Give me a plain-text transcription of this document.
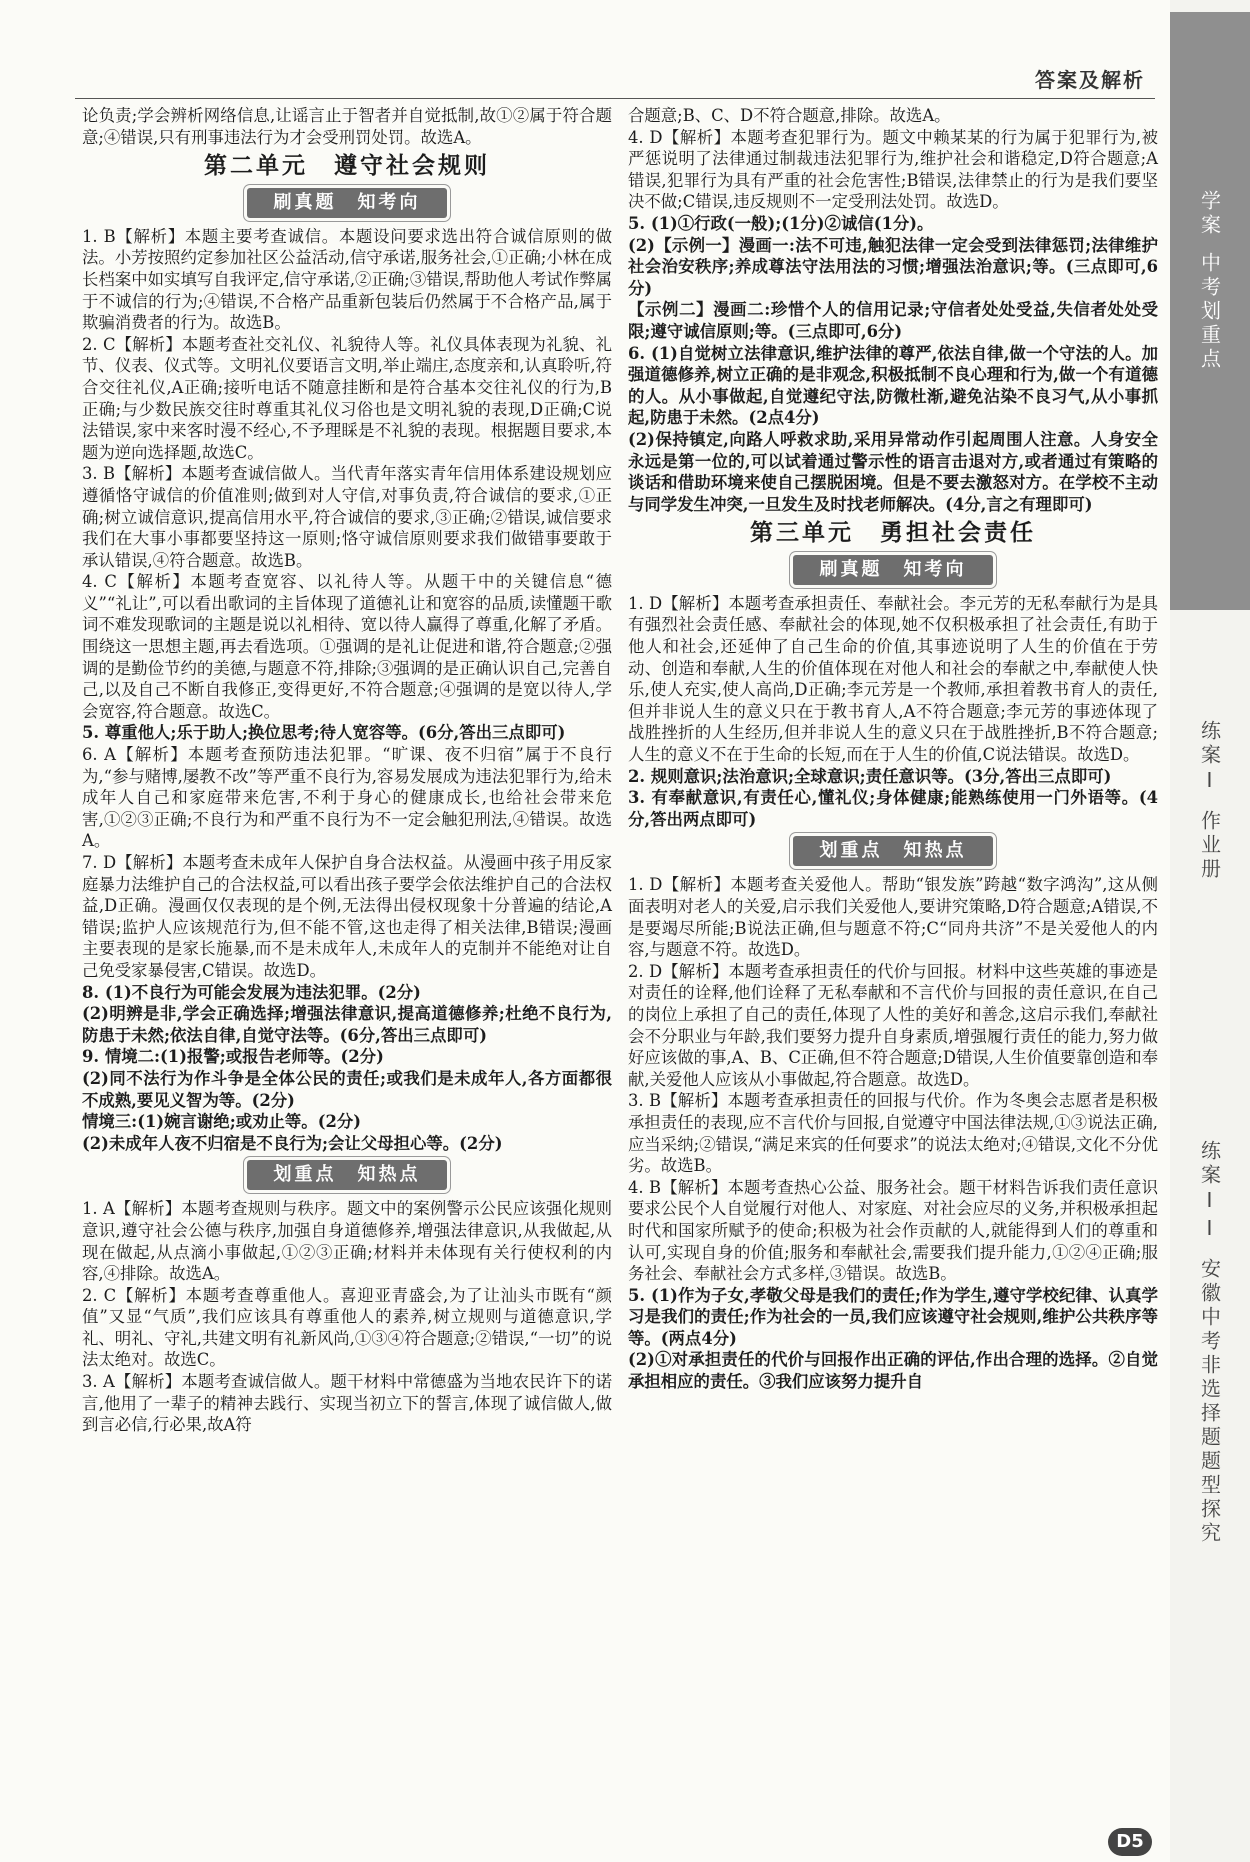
学案
中考划重点
练案I
作业册
练案II
安徽中考非选择题题型探究
答案及解析

论负责;学会辨析网络信息,让谣言止于智者并自觉抵制,故①②属于符合题意;④错误,只有刑事违法行为才会受刑罚处罚。故选A。

第二单元　遵守社会规则
刷真题　知考向

1. B【解析】本题主要考查诚信。本题设问要求选出符合诚信原则的做法。小芳按照约定参加社区公益活动,信守承诺,服务社会,①正确;小林在成长档案中如实填写自我评定,信守承诺,②正确;③错误,帮助他人考试作弊属于不诚信的行为;④错误,不合格产品重新包装后仍然属于不合格产品,属于欺骗消费者的行为。故选B。

2. C【解析】本题考查社交礼仪、礼貌待人等。礼仪具体表现为礼貌、礼节、仪表、仪式等。文明礼仪要语言文明,举止端庄,态度亲和,认真聆听,符合交往礼仪,A正确;接听电话不随意挂断和是符合基本交往礼仪的行为,B正确;与少数民族交往时尊重其礼仪习俗也是文明礼貌的表现,D正确;C说法错误,家中来客时漫不经心,不予理睬是不礼貌的表现。根据题目要求,本题为逆向选择题,故选C。

3. B【解析】本题考查诚信做人。当代青年落实青年信用体系建设规划应遵循恪守诚信的价值准则;做到对人守信,对事负责,符合诚信的要求,①正确;树立诚信意识,提高信用水平,符合诚信的要求,③正确;②错误,诚信要求我们在大事小事都要坚持这一原则;恪守诚信原则要求我们做错事要敢于承认错误,④符合题意。故选B。

4. C【解析】本题考查宽容、以礼待人等。从题干中的关键信息“德义”“礼让”,可以看出歌词的主旨体现了道德礼让和宽容的品质,读懂题干歌词不难发现歌词的主题是说以礼相待、宽以待人赢得了尊重,化解了矛盾。围绕这一思想主题,再去看选项。①强调的是礼让促进和谐,符合题意;②强调的是勤俭节约的美德,与题意不符,排除;③强调的是正确认识自己,完善自己,以及自己不断自我修正,变得更好,不符合题意;④强调的是宽以待人,学会宽容,符合题意。故选C。

5. 尊重他人;乐于助人;换位思考;待人宽容等。(6分,答出三点即可)

6. A【解析】本题考查预防违法犯罪。“旷课、夜不归宿”属于不良行为,“参与赌博,屡教不改”等严重不良行为,容易发展成为违法犯罪行为,给未成年人自己和家庭带来危害,不利于身心的健康成长,也给社会带来危害,①②③正确;不良行为和严重不良行为不一定会触犯刑法,④错误。故选A。

7. D【解析】本题考查未成年人保护自身合法权益。从漫画中孩子用反家庭暴力法维护自己的合法权益,可以看出孩子要学会依法维护自己的合法权益,D正确。漫画仅仅表现的是个例,无法得出侵权现象十分普遍的结论,A错误;监护人应该规范行为,但不能不管,这也走得了相关法律,B错误;漫画主要表现的是家长施暴,而不是未成年人,未成年人的克制并不能绝对让自己免受家暴侵害,C错误。故选D。

8. (1)不良行为可能会发展为违法犯罪。(2分)

(2)明辨是非,学会正确选择;增强法律意识,提高道德修养;杜绝不良行为,防患于未然;依法自律,自觉守法等。(6分,答出三点即可)

9. 情境二:(1)报警;或报告老师等。(2分)

(2)同不法行为作斗争是全体公民的责任;或我们是未成年人,各方面都很不成熟,要见义智为等。(2分)

情境三:(1)婉言谢绝;或劝止等。(2分)

(2)未成年人夜不归宿是不良行为;会让父母担心等。(2分)

划重点　知热点

1. A【解析】本题考查规则与秩序。题文中的案例警示公民应该强化规则意识,遵守社会公德与秩序,加强自身道德修养,增强法律意识,从我做起,从现在做起,从点滴小事做起,①②③正确;材料并未体现有关行使权利的内容,④排除。故选A。

2. C【解析】本题考查尊重他人。喜迎亚青盛会,为了让汕头市既有“颜值”又显“气质”,我们应该具有尊重他人的素养,树立规则与道德意识,学礼、明礼、守礼,共建文明有礼新风尚,①③④符合题意;②错误,“一切”的说法太绝对。故选C。

3. A【解析】本题考查诚信做人。题干材料中常德盛为当地农民许下的诺言,他用了一辈子的精神去践行、实现当初立下的誓言,体现了诚信做人,做到言必信,行必果,故A符

合题意;B、C、D不符合题意,排除。故选A。

4. D【解析】本题考查犯罪行为。题文中赖某某的行为属于犯罪行为,被严惩说明了法律通过制裁违法犯罪行为,维护社会和谐稳定,D符合题意;A错误,犯罪行为具有严重的社会危害性;B错误,法律禁止的行为是我们要坚决不做;C错误,违反规则不一定受刑法处罚。故选D。

5. (1)①行政(一般);(1分)②诚信(1分)。

(2)【示例一】漫画一:法不可违,触犯法律一定会受到法律惩罚;法律维护社会治安秩序;养成尊法守法用法的习惯;增强法治意识;等。(三点即可,6分)

【示例二】漫画二:珍惜个人的信用记录;守信者处处受益,失信者处处受限;遵守诚信原则;等。(三点即可,6分)

6. (1)自觉树立法律意识,维护法律的尊严,依法自律,做一个守法的人。加强道德修养,树立正确的是非观念,积极抵制不良心理和行为,做一个有道德的人。从小事做起,自觉遵纪守法,防微杜渐,避免沾染不良习气,从小事抓起,防患于未然。(2点4分)

(2)保持镇定,向路人呼救求助,采用异常动作引起周围人注意。人身安全永远是第一位的,可以试着通过警示性的语言击退对方,或者通过有策略的谈话和借助环境来使自己摆脱困境。但是不要去激怒对方。在学校不主动与同学发生冲突,一旦发生及时找老师解决。(4分,言之有理即可)

第三单元　勇担社会责任
刷真题　知考向

1. D【解析】本题考查承担责任、奉献社会。李元芳的无私奉献行为是具有强烈社会责任感、奉献社会的体现,她不仅积极承担了社会责任,有助于他人和社会,还延伸了自己生命的价值,其事迹说明了人生的价值在于劳动、创造和奉献,人生的价值体现在对他人和社会的奉献之中,奉献使人快乐,使人充实,使人高尚,D正确;李元芳是一个教师,承担着教书育人的责任,但并非说人生的意义只在于教书育人,A不符合题意;李元芳的事迹体现了战胜挫折的人生经历,但并非说人生的意义只在于战胜挫折,B不符合题意;人生的意义不在于生命的长短,而在于人生的价值,C说法错误。故选D。

2. 规则意识;法治意识;全球意识;责任意识等。(3分,答出三点即可)

3. 有奉献意识,有责任心,懂礼仪;身体健康;能熟练使用一门外语等。(4分,答出两点即可)

划重点　知热点

1. D【解析】本题考查关爱他人。帮助“银发族”跨越“数字鸿沟”,这从侧面表明对老人的关爱,启示我们关爱他人,要讲究策略,D符合题意;A错误,不是要竭尽所能;B说法正确,但与题意不符;C“同舟共济”不是关爱他人的内容,与题意不符。故选D。

2. D【解析】本题考查承担责任的代价与回报。材料中这些英雄的事迹是对责任的诠释,他们诠释了无私奉献和不言代价与回报的责任意识,在自己的岗位上承担了自己的责任,体现了人性的美好和善念,这启示我们,奉献社会不分职业与年龄,我们要努力提升自身素质,增强履行责任的能力,努力做好应该做的事,A、B、C正确,但不符合题意;D错误,人生价值要靠创造和奉献,关爱他人应该从小事做起,符合题意。故选D。

3. B【解析】本题考查承担责任的回报与代价。作为冬奥会志愿者是积极承担责任的表现,应不言代价与回报,自觉遵守中国法律法规,①③说法正确,应当采纳;②错误,“满足来宾的任何要求”的说法太绝对;④错误,文化不分优劣。故选B。

4. B【解析】本题考查热心公益、服务社会。题干材料告诉我们责任意识要求公民个人自觉履行对他人、对家庭、对社会应尽的义务,并积极承担起时代和国家所赋予的使命;积极为社会作贡献的人,就能得到人们的尊重和认可,实现自身的价值;服务和奉献社会,需要我们提升能力,①②④正确;服务社会、奉献社会方式多样,③错误。故选B。

5. (1)作为子女,孝敬父母是我们的责任;作为学生,遵守学校纪律、认真学习是我们的责任;作为社会的一员,我们应该遵守社会规则,维护公共秩序等等。(两点4分)

(2)①对承担责任的代价与回报作出正确的评估,作出合理的选择。②自觉承担相应的责任。③我们应该努力提升自

D5
